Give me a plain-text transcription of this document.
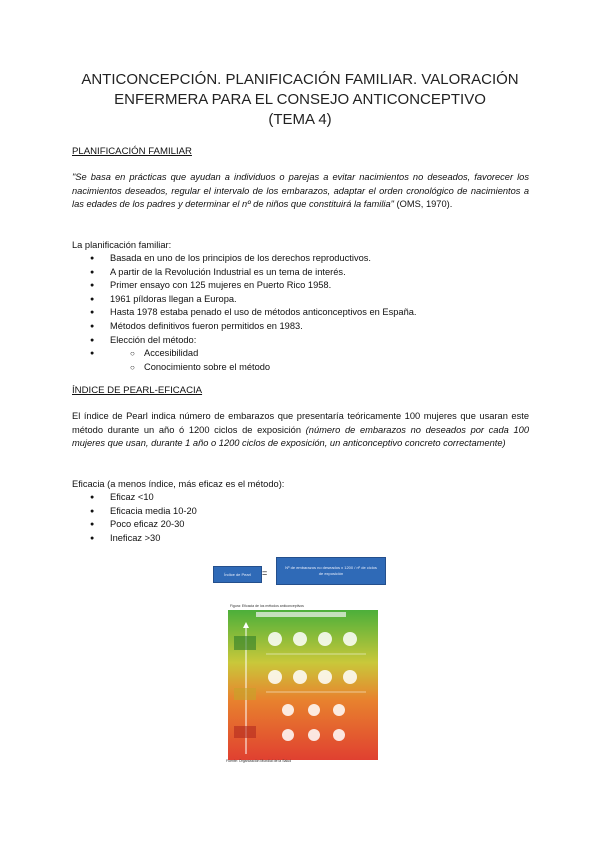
ANTICONCEPCIÓN. PLANIFICACIÓN FAMILIAR. VALORACIÓN
ENFERMERA PARA EL CONSEJO ANTICONCEPTIVO
(TEMA 4)
PLANIFICACIÓN FAMILIAR
"Se basa en prácticas que ayudan a individuos o parejas a evitar nacimientos no deseados, favorecer los nacimientos deseados, regular el intervalo de los embarazos, adaptar el orden cronológico de nacimientos a las edades de los padres y determinar el nº de niños que constituirá la familia" (OMS, 1970).
La planificación familiar:
● Basada en uno de los principios de los derechos reproductivos.
● A partir de la Revolución Industrial es un tema de interés.
● Primer ensayo con 125 mujeres en Puerto Rico 1958.
● 1961 píldoras llegan a Europa.
● Hasta 1978 estaba penado el uso de métodos anticonceptivos en España.
● Métodos definitivos fueron permitidos en 1983.
● Elección del método:
○ ● Accesibilidad
○ Conocimiento sobre el método
ÍNDICE DE PEARL-EFICACIA
El índice de Pearl indica número de embarazos que presentaría teóricamente 100 mujeres que usaran este método durante un año ó 1200 ciclos de exposición (número de embarazos no deseados por cada 100 mujeres que usan, durante 1 año o 1200 ciclos de exposición, un anticonceptivo concreto correctamente)
Eficacia (a menos índice, más eficaz es el método):
● Eficaz <10
● Eficacia media 10-20
● Poco eficaz 20-30
● Ineficaz >30
Índice de Pearl	=
Nº de embarazos no deseados x 1200 / nº de ciclos de exposición
Figura: Eficacia de los métodos anticonceptivos
Fuente: Organización Mundial de la Salud
